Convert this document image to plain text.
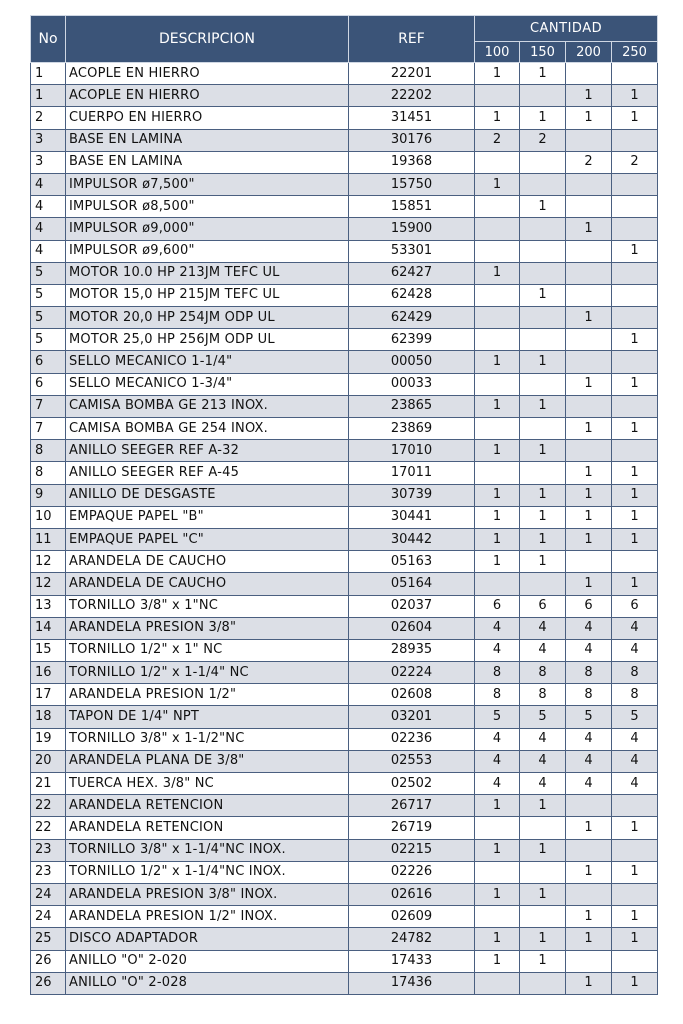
No	DESCRIPCION	REF	CANTIDAD			
			100	150	200	250
1	ACOPLE EN HIERRO	22201	1	1		
1	ACOPLE EN HIERRO	22202			1	1
2	CUERPO EN HIERRO	31451	1	1	1	1
3	BASE EN LAMINA	30176	2	2		
3	BASE EN LAMINA	19368			2	2
4	IMPULSOR ø7,500"	15750	1			
4	IMPULSOR ø8,500"	15851		1		
4	IMPULSOR ø9,000"	15900			1	
4	IMPULSOR ø9,600"	53301				1
5	MOTOR 10.0 HP 213JM TEFC UL	62427	1			
5	MOTOR 15,0 HP 215JM TEFC UL	62428		1		
5	MOTOR 20,0 HP 254JM ODP UL	62429			1	
5	MOTOR 25,0 HP 256JM ODP UL	62399				1
6	SELLO MECANICO 1-1/4"	00050	1	1		
6	SELLO MECANICO 1-3/4"	00033			1	1
7	CAMISA BOMBA GE 213 INOX.	23865	1	1		
7	CAMISA BOMBA GE 254 INOX.	23869			1	1
8	ANILLO SEEGER REF A-32	17010	1	1		
8	ANILLO SEEGER REF A-45	17011			1	1
9	ANILLO DE DESGASTE	30739	1	1	1	1
10	EMPAQUE PAPEL "B"	30441	1	1	1	1
11	EMPAQUE PAPEL "C"	30442	1	1	1	1
12	ARANDELA DE CAUCHO	05163	1	1		
12	ARANDELA DE CAUCHO	05164			1	1
13	TORNILLO 3/8" x 1"NC	02037	6	6	6	6
14	ARANDELA PRESION 3/8"	02604	4	4	4	4
15	TORNILLO 1/2" x 1" NC	28935	4	4	4	4
16	TORNILLO 1/2" x 1-1/4" NC	02224	8	8	8	8
17	ARANDELA PRESION 1/2"	02608	8	8	8	8
18	TAPON DE 1/4" NPT	03201	5	5	5	5
19	TORNILLO 3/8" x 1-1/2"NC	02236	4	4	4	4
20	ARANDELA PLANA DE 3/8"	02553	4	4	4	4
21	TUERCA HEX. 3/8" NC	02502	4	4	4	4
22	ARANDELA RETENCION	26717	1	1		
22	ARANDELA RETENCION	26719			1	1
23	TORNILLO 3/8" x 1-1/4"NC INOX.	02215	1	1		
23	TORNILLO 1/2" x 1-1/4"NC INOX.	02226			1	1
24	ARANDELA PRESION 3/8" INOX.	02616	1	1		
24	ARANDELA PRESION 1/2" INOX.	02609			1	1
25	DISCO ADAPTADOR	24782	1	1	1	1
26	ANILLO "O" 2-020	17433	1	1		
26	ANILLO "O" 2-028	17436			1	1
